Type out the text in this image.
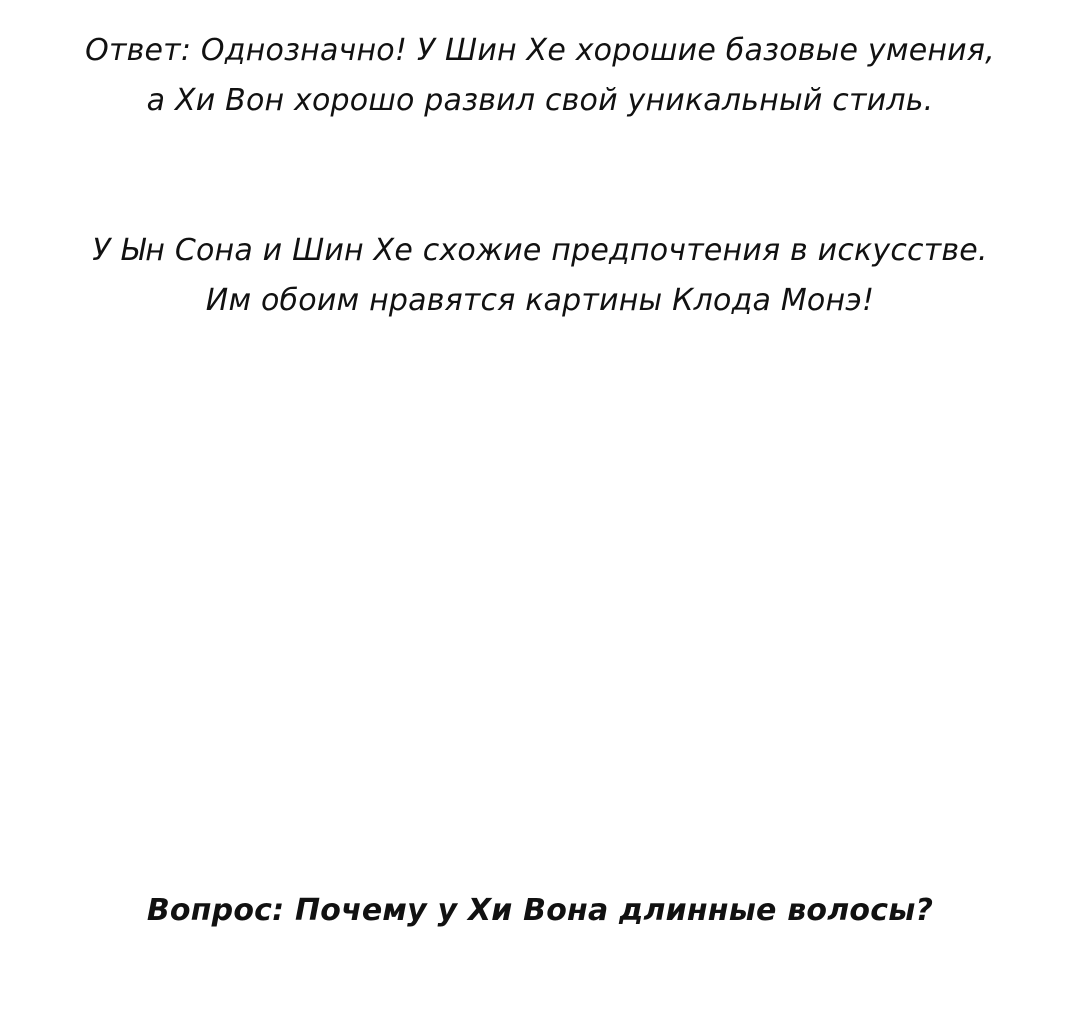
Ответ: Однозначно! У Шин Хе хорошие базовые умения,
а Хи Вон хорошо развил свой уникальный стиль.
У Ын Сона и Шин Хе схожие предпочтения в искусстве.
Им обоим нравятся картины Клода Монэ!
Вопрос: Почему у Хи Вона длинные волосы?
